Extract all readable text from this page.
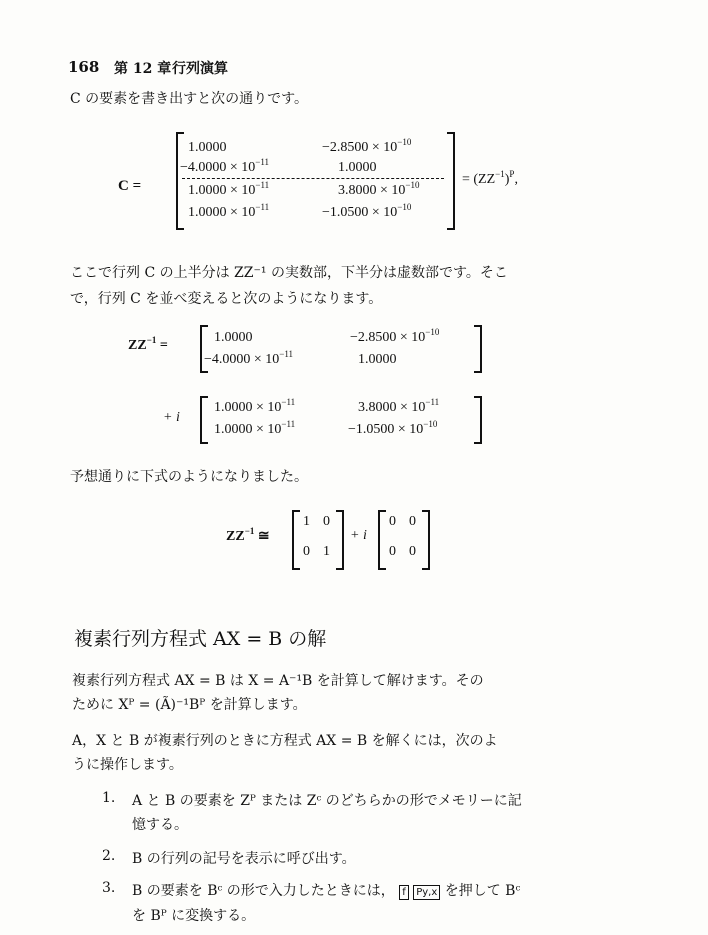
168 第 12 章 行列演算
C の要素を書き出すと次の通りです。
C =
1.0000	$-2.8500 \times 10^{-10}$
$-4.0000 \times 10^{-11}$	1.0000
$1.0000 \times 10^{-11}$	$3.8000 \times 10^{-10}$
$1.0000 \times 10^{-11}$	$-1.0500 \times 10^{-10}$
= $(ZZ^{-1})^P$,
ここで行列 C の上半分は ZZ⁻¹ の実数部，下半分は虚数部です。そこ
で，行列 C を並べ変えると次のようになります。
$ZZ^{-1}$ =
1.0000	$-2.8500 \times 10^{-10}$
$-4.0000 \times 10^{-11}$	1.0000
+ i
$1.0000 \times 10^{-11}$	$3.8000 \times 10^{-11}$
$1.0000 \times 10^{-11}$	$-1.0500 \times 10^{-10}$
予想通りに下式のようになりました。
$ZZ^{-1}$ ≅
1 0
0 1
+ i
0 0
0 0
複素行列方程式 AX = B の解
複素行列方程式 AX = B は X = A⁻¹B を計算して解けます。その
ために Xᴾ = (Ã)⁻¹Bᴾ を計算します。
A，X と B が複素行列のときに方程式 AX = B を解くには，次のよ
うに操作します。
1. A と B の要素を Zᴾ または Zᶜ のどちらかの形でメモリーに記
憶する。
2. B の行列の記号を表示に呼び出す。
3. B の要素を Bᶜ の形で入力したときには， f Py,x を押して Bᶜ
を Bᴾ に変換する。
